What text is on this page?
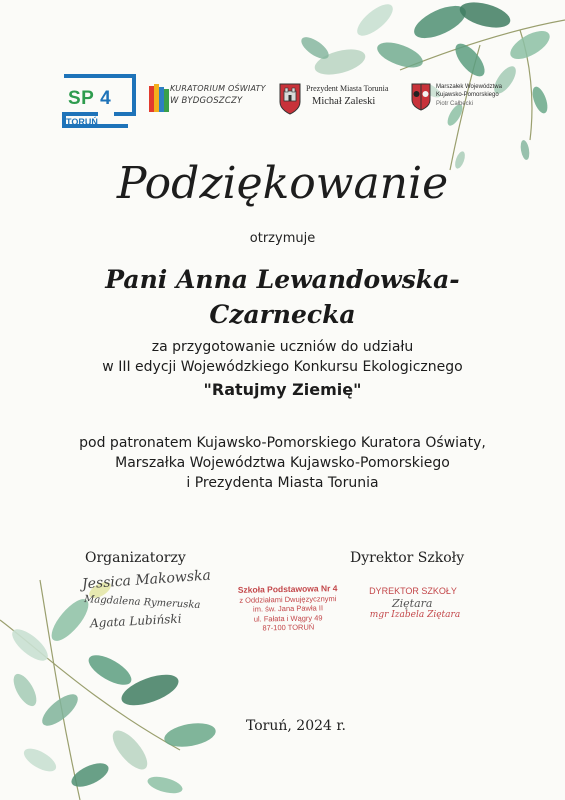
SP 4
TORUŃ
KURATORIUM OŚWIATY
W BYDGOSZCZY
Prezydent Miasta Torunia
Michał Zaleski
Marszałek Województwa
Kujawsko-Pomorskiego
Piotr Całbecki
Podziękowanie
otrzymuje
Pani Anna Lewandowska-
Czarnecka
za przygotowanie uczniów do udziału
w III edycji Wojewódzkiego Konkursu Ekologicznego
"Ratujmy Ziemię"
pod patronatem Kujawsko-Pomorskiego Kuratora Oświaty,
Marszałka Województwa Kujawsko-Pomorskiego
i Prezydenta Miasta Torunia
Organizatorzy
Jessica Makowska
Magdalena Rymeruska
Agata Lubiński
Szkoła Podstawowa Nr 4
z Oddziałami Dwujęzycznymi
im. św. Jana Pawła II
ul. Fałata i Wągry 49
87-100 TORUŃ
Dyrektor Szkoły
DYREKTOR SZKOŁY
Ziętara
mgr Izabela Ziętara
Toruń, 2024 r.
